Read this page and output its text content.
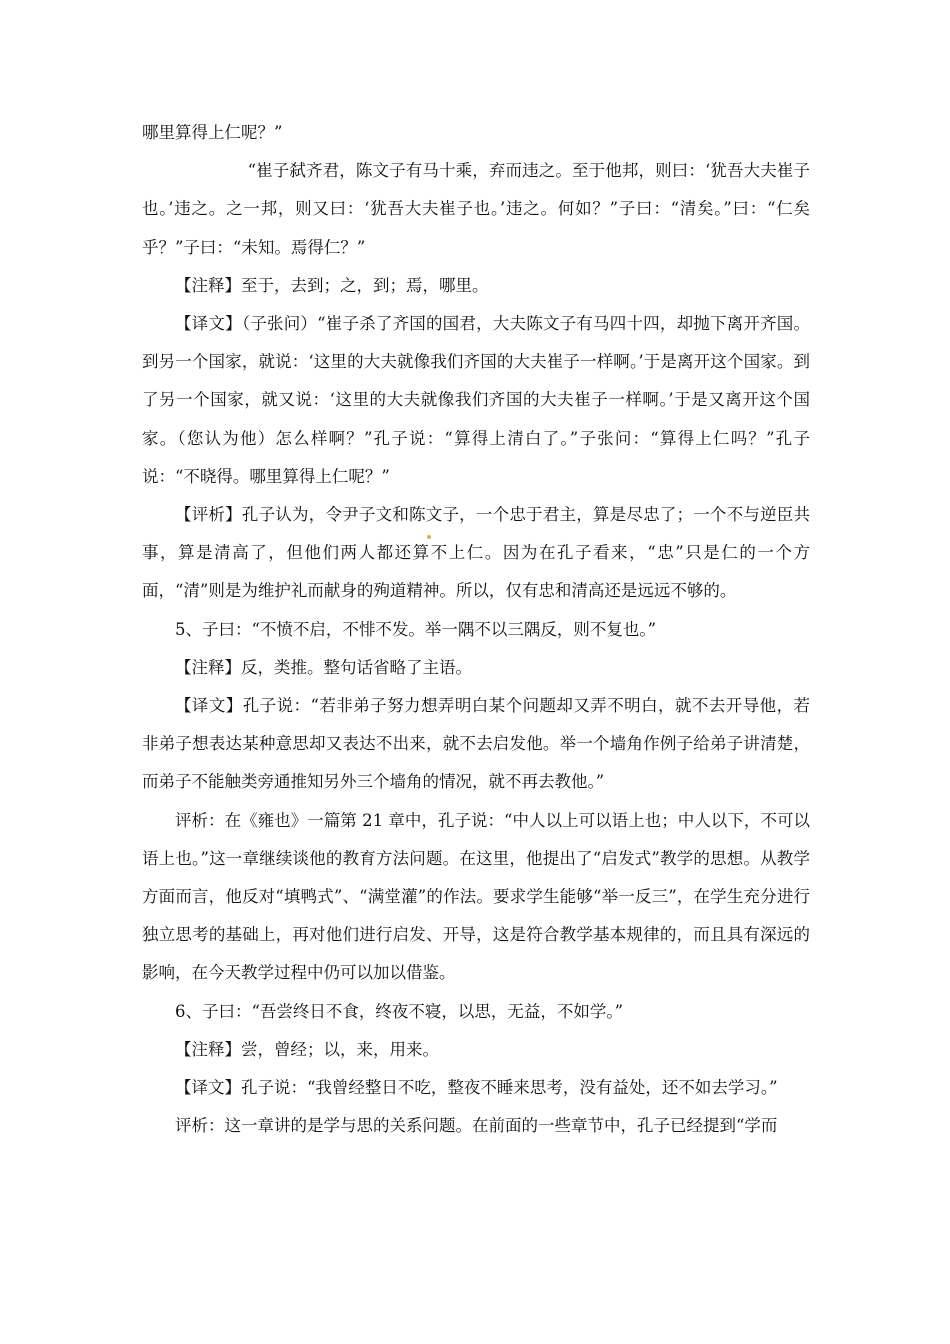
哪里算得上仁呢？”

“崔子弑齐君，陈文子有马十乘，弃而违之。至于他邦，则曰：‘犹吾大夫崔子也。’违之。之一邦，则又曰：‘犹吾大夫崔子也。’违之。何如？”子曰：“清矣。”曰：“仁矣乎？”子曰：“未知。焉得仁？”

【注释】至于，去到；之，到；焉，哪里。

【译文】（子张问）“崔子杀了齐国的国君，大夫陈文子有马四十四，却抛下离开齐国。到另一个国家，就说：‘这里的大夫就像我们齐国的大夫崔子一样啊。’于是离开这个国家。到了另一个国家，就又说：‘这里的大夫就像我们齐国的大夫崔子一样啊。’于是又离开这个国家。（您认为他）怎么样啊？”孔子说：“算得上清白了。”子张问：“算得上仁吗？”孔子说：“不晓得。哪里算得上仁呢？”

【评析】孔子认为，令尹子文和陈文子，一个忠于君主，算是尽忠了；一个不与逆臣共事，算是清高了，但他们两人都还算不上仁。因为在孔子看来，“忠”只是仁的一个方面，“清”则是为维护礼而献身的殉道精神。所以，仅有忠和清高还是远远不够的。

5、子曰：“不愤不启，不悱不发。举一隅不以三隅反，则不复也。”

【注释】反，类推。整句话省略了主语。

【译文】孔子说：“若非弟子努力想弄明白某个问题却又弄不明白，就不去开导他，若非弟子想表达某种意思却又表达不出来，就不去启发他。举一个墙角作例子给弟子讲清楚，而弟子不能触类旁通推知另外三个墙角的情况，就不再去教他。”

评析：在《雍也》一篇第 21 章中，孔子说：“中人以上可以语上也；中人以下，不可以语上也。”这一章继续谈他的教育方法问题。在这里，他提出了“启发式”教学的思想。从教学方面而言，他反对“填鸭式”、“满堂灌”的作法。要求学生能够“举一反三”，在学生充分进行独立思考的基础上，再对他们进行启发、开导，这是符合教学基本规律的，而且具有深远的影响，在今天教学过程中仍可以加以借鉴。

6、子曰：“吾尝终日不食，终夜不寝，以思，无益，不如学。”

【注释】尝，曾经；以，来，用来。

【译文】孔子说：“我曾经整日不吃，整夜不睡来思考，没有益处，还不如去学习。”

评析：这一章讲的是学与思的关系问题。在前面的一些章节中，孔子已经提到“学而
